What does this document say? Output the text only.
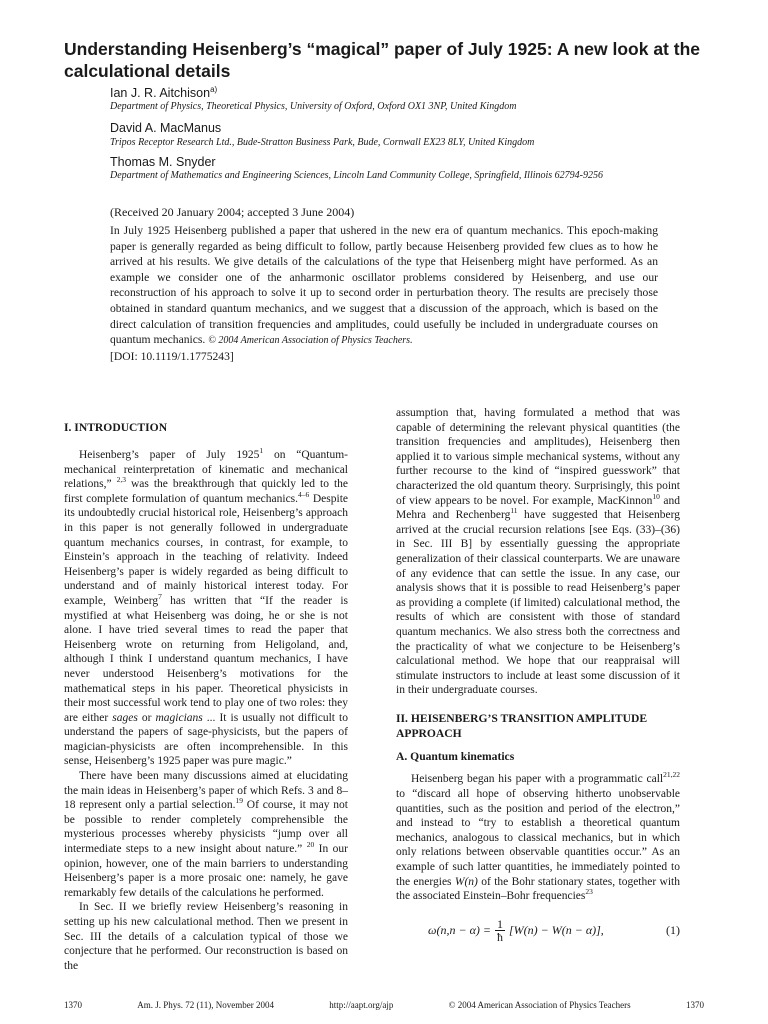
Understanding Heisenberg’s “magical” paper of July 1925: A new look at the calculational details
Ian J. R. Aitchison$^{a)}$
Department of Physics, Theoretical Physics, University of Oxford, Oxford OX1 3NP, United Kingdom
David A. MacManus
Tripos Receptor Research Ltd., Bude-Stratton Business Park, Bude, Cornwall EX23 8LY, United Kingdom
Thomas M. Snyder
Department of Mathematics and Engineering Sciences, Lincoln Land Community College, Springfield, Illinois 62794-9256
(Received 20 January 2004; accepted 3 June 2004)
In July 1925 Heisenberg published a paper that ushered in the new era of quantum mechanics. This epoch-making paper is generally regarded as being difficult to follow, partly because Heisenberg provided few clues as to how he arrived at his results. We give details of the calculations of the type that Heisenberg might have performed. As an example we consider one of the anharmonic oscillator problems considered by Heisenberg, and use our reconstruction of his approach to solve it up to second order in perturbation theory. The results are precisely those obtained in standard quantum mechanics, and we suggest that a discussion of the approach, which is based on the direct calculation of transition frequencies and amplitudes, could usefully be included in undergraduate courses on quantum mechanics. © 2004 American Association of Physics Teachers.
[DOI: 10.1119/1.1775243]
I. INTRODUCTION

Heisenberg’s paper of July 1925$^1$ on “Quantum-mechanical reinterpretation of kinematic and mechanical relations,” $^{2,3}$ was the breakthrough that quickly led to the first complete formulation of quantum mechanics.$^{4-6}$ Despite its undoubtedly crucial historical role, Heisenberg’s approach in this paper is not generally followed in undergraduate quantum mechanics courses, in contrast, for example, to Einstein’s approach in the teaching of relativity. Indeed Heisenberg’s paper is widely regarded as being difficult to understand and of mainly historical interest today. For example, Weinberg$^7$ has written that “If the reader is mystified at what Heisenberg was doing, he or she is not alone. I have tried several times to read the paper that Heisenberg wrote on returning from Heligoland, and, although I think I understand quantum mechanics, I have never understood Heisenberg’s motivations for the mathematical steps in his paper. Theoretical physicists in their most successful work tend to play one of two roles: they are either sages or magicians ... It is usually not difficult to understand the papers of sage-physicists, but the papers of magician-physicists are often incomprehensible. In this sense, Heisenberg’s 1925 paper was pure magic.”

There have been many discussions aimed at elucidating the main ideas in Heisenberg’s paper of which Refs. 3 and 8–18 represent only a partial selection.$^{19}$ Of course, it may not be possible to render completely comprehensible the mysterious processes whereby physicists “jump over all intermediate steps to a new insight about nature.” $^{20}$ In our opinion, however, one of the main barriers to understanding Heisenberg’s paper is a more prosaic one: namely, he gave remarkably few details of the calculations he performed.

In Sec. II we briefly review Heisenberg’s reasoning in setting up his new calculational method. Then we present in Sec. III the details of a calculation typical of those we conjecture that he performed. Our reconstruction is based on the

assumption that, having formulated a method that was capable of determining the relevant physical quantities (the transition frequencies and amplitudes), Heisenberg then applied it to various simple mechanical systems, without any further recourse to the kind of “inspired guesswork” that characterized the old quantum theory. Surprisingly, this point of view appears to be novel. For example, MacKinnon$^{10}$ and Mehra and Rechenberg$^{11}$ have suggested that Heisenberg arrived at the crucial recursion relations [see Eqs. (33)–(36) in Sec. III B] by essentially guessing the appropriate generalization of their classical counterparts. We are unaware of any evidence that can settle the issue. In any case, our analysis shows that it is possible to read Heisenberg’s paper as providing a complete (if limited) calculational method, the results of which are consistent with those of standard quantum mechanics. We also stress both the correctness and the practicality of what we conjecture to be Heisenberg’s calculational method. We hope that our reappraisal will stimulate instructors to include at least some discussion of it in their undergraduate courses.

II. HEISENBERG’S TRANSITION AMPLITUDE APPROACH
A. Quantum kinematics

Heisenberg began his paper with a programmatic call$^{21,22}$ to “discard all hope of observing hitherto unobservable quantities, such as the position and period of the electron,” and instead to “try to establish a theoretical quantum mechanics, analogous to classical mechanics, but in which only relations between observable quantities occur.” As an example of such latter quantities, he immediately pointed to the energies W(n) of the Bohr stationary states, together with the associated Einstein–Bohr frequencies$^{23}$

$\omega(n,n - \alpha) = \frac{1}{ħ} [W(n) - W(n - \alpha)]$,	(1)
1370	Am. J. Phys. 72 (11), November 2004	http://aapt.org/ajp	© 2004 American Association of Physics Teachers	1370
